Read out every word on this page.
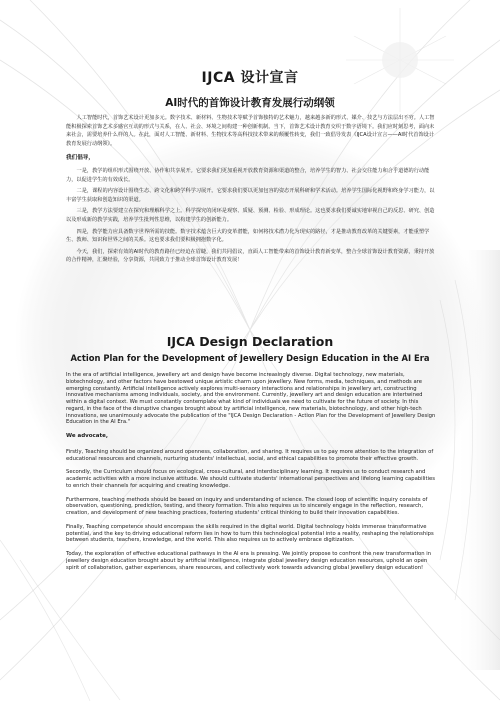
IJCA 设计宣言
AI时代的首饰设计教育发展行动纲领

人工智能时代，首饰艺术设计更加多元。数字技术、新材料、生物技术等赋予首饰独特的艺术魅力，越来越多新的形式、媒介、技艺与方法层出不穷。人工智能积极探索首饰艺术多感官互动的形式与关系，在人、社会、环境之间构建一种创新机制。当下，首饰艺术设计教育交织于数字语境下。我们应时刻思考，面向未来社会，需要培养什么样的人。在此，面对人工智能、新材料、生物技术等高科技技术带来的颠覆性转变，我们一致倡导发表《IJCA设计宣言——AI时代首饰设计教育发展行动纲领》。

我们倡导，

一是，教学的组织形式围绕开放、协作和共享展开。它要求我们更加重视开放教育资源和渠道的整合，培养学生的智力、社会交往能力和合乎道德的行动能力，以促进学生的有效成长。

二是，课程的内容设计围绕生态、跨文化和跨学科学习展开。它要求我们要以更加包容的姿态开展科研和学术活动。培养学生国际化视野和终身学习能力，以丰富学生获取和创造知识的渠道。

三是，教学方法要建立在探究和理解科学之上。科学探究的闭环是观察、质疑、预测、检验、形成理论。这也要求我们要诚实地审视自己的反思、研究、创造以及形成新的教学实践，培养学生批判性思维，以构建学生的创新能力。

四是，教学能力应具备数字世界所需的技能。数字技术蕴含巨大的变革潜能，如何将技术潜力化为现实的路径，才是推动教育改革的关键要素，才能重塑学生、教师、知识和世界之间的关系。这也要求我们要积极拥抱数字化。

今天，我们，探索有效的AI时代的教育路径已经迫在眉睫，我们共同倡议，直面人工智能带来的首饰设计教育新变革，整合全球首饰设计教育资源，秉持开放的合作精神，汇聚经验，分享资源，共同致力于推动全球首饰设计教育发展！

IJCA Design Declaration
Action Plan for the Development of Jewellery Design Education in the AI Era

In the era of artificial intelligence, jewellery art and design have become increasingly diverse. Digital technology, new materials, biotechnology, and other factors have bestowed unique artistic charm upon jewellery. New forms, media, techniques, and methods are emerging constantly. Artificial intelligence actively explores multi-sensory interactions and relationships in jewellery art, constructing innovative mechanisms among individuals, society, and the environment. Currently, jewellery art and design education are intertwined within a digital context. We must constantly contemplate what kind of individuals we need to cultivate for the future of society. In this regard, in the face of the disruptive changes brought about by artificial intelligence, new materials, biotechnology, and other high-tech innovations, we unanimously advocate the publication of the "IJCA Design Declaration - Action Plan for the Development of Jewellery Design Education in the AI Era."

We advocate,

Firstly, Teaching should be organized around openness, collaboration, and sharing. It requires us to pay more attention to the integration of educational resources and channels, nurturing students' intellectual, social, and ethical capabilities to promote their effective growth.

Secondly, the Curriculum should focus on ecological, cross-cultural, and interdisciplinary learning. It requires us to conduct research and academic activities with a more inclusive attitude. We should cultivate students' international perspectives and lifelong learning capabilities to enrich their channels for acquiring and creating knowledge.

Furthermore, teaching methods should be based on inquiry and understanding of science. The closed loop of scientific inquiry consists of observation, questioning, prediction, testing, and theory formation. This also requires us to sincerely engage in the reflection, research, creation, and development of new teaching practices, fostering students' critical thinking to build their innovation capabilities.

Finally, Teaching competence should encompass the skills required in the digital world. Digital technology holds immense transformative potential, and the key to driving educational reform lies in how to turn this technological potential into a reality, reshaping the relationships between students, teachers, knowledge, and the world. This also requires us to actively embrace digitization.

Today, the exploration of effective educational pathways in the AI era is pressing. We jointly propose to confront the new transformation in jewellery design education brought about by artificial intelligence, integrate global jewellery design education resources, uphold an open spirit of collaboration, gather experiences, share resources, and collectively work towards advancing global jewellery design education!
